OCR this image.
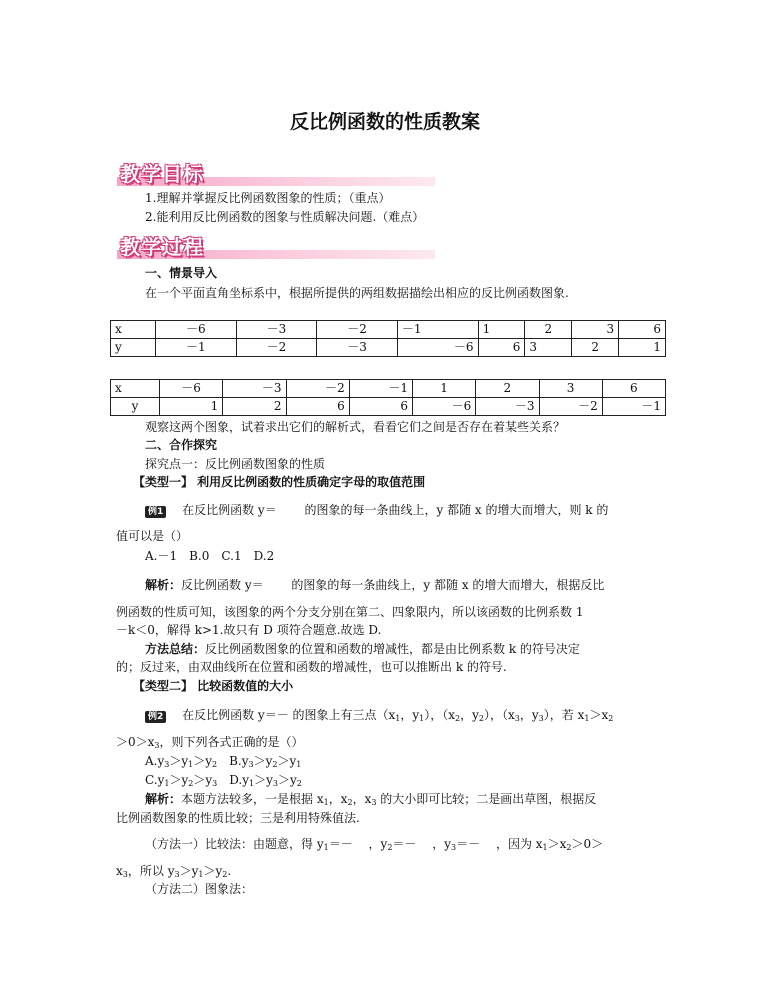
反比例函数的性质教案
教学目标
1.理解并掌握反比例函数图象的性质；（重点）
2.能利用反比例函数的图象与性质解决问题.（难点）
教学过程
一、情景导入
在一个平面直角坐标系中，根据所提供的两组数据描绘出相应的反比例函数图象.
x	－6	－3	－2	－1	1	2	3	6
y	－1	－2	－3	－6	6	3	2	1
x	－6	－3	－2	－1	1	2	3	6
y	1	2	6	6	－6	－3	－2	－1
观察这两个图象，试着求出它们的解析式，看看它们之间是否存在着某些关系？
二、合作探究
探究点一：反比例函数图象的性质
【类型一】 利用反比例函数的性质确定字母的取值范围
例1 在反比例函数 y＝　　 的图象的每一条曲线上，y 都随 x 的增大而增大，则 k 的
值可以是（）
A.－1　B.0　C.1　D.2
解析：反比例函数 y＝　　 的图象的每一条曲线上，y 都随 x 的增大而增大，根据反比
例函数的性质可知，该图象的两个分支分别在第二、四象限内，所以该函数的比例系数 1
－k＜0，解得 k>1.故只有 D 项符合题意.故选 D.
方法总结：反比例函数图象的位置和函数的增减性，都是由比例系数 k 的符号决定
的；反过来，由双曲线所在位置和函数的增减性，也可以推断出 k 的符号.
【类型二】 比较函数值的大小
例2 在反比例函数 y＝－ 的图象上有三点（$x_1$，$y_1$），（$x_2$，$y_2$），（$x_3$，$y_3$），若 $x_1>x_2$
$>0>x_3$，则下列各式正确的是（）
$A.y_3>y_1>y_2$　$B.y_3>y_2>y_1$
$C.y_1>y_2>y_3$　$D.y_1>y_3>y_2$
解析：本题方法较多，一是根据 $x_1$，$x_2$，$x_3$ 的大小即可比较；二是画出草图，根据反
比例函数图象的性质比较；三是利用特殊值法.
（方法一）比较法：由题意，得 $y_1=-$　 ，$y_2=-$　 ，$y_3=-$　 ，因为 $x_1>x_2>0>$
$x_3$，所以 $y_3>y_1>y_2$.
（方法二）图象法：
